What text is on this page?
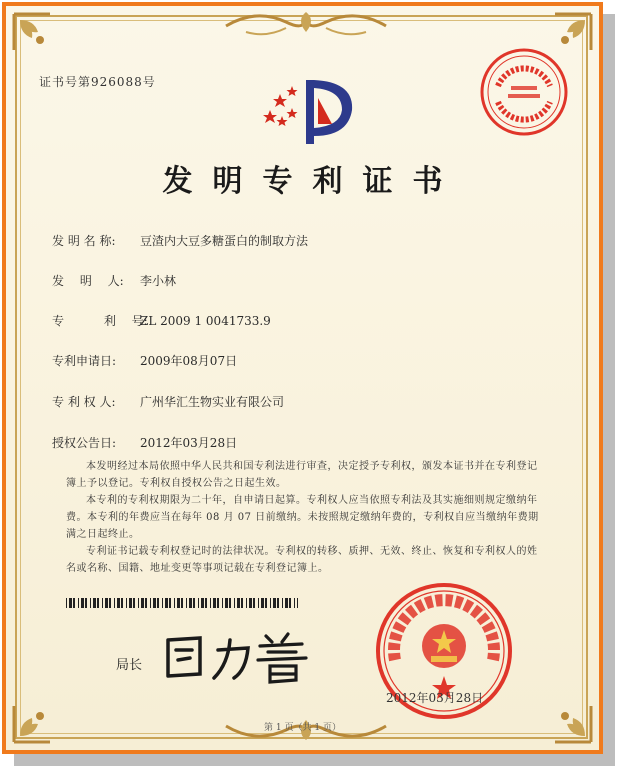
证书号第926088号
发明专利证书
发 明 名 称: 豆渣内大豆多糖蛋白的制取方法
发　 明　 人: 李小林
专　　　 利　 号:ZL 2009 1 0041733.9
专利申请日: 2009年08月07日
专 利 权 人: 广州华汇生物实业有限公司
授权公告日: 2012年03月28日

本发明经过本局依照中华人民共和国专利法进行审查，决定授予专利权，颁发本证书并在专利登记簿上予以登记。专利权自授权公告之日起生效。

本专利的专利权期限为二十年，自申请日起算。专利权人应当依照专利法及其实施细则规定缴纳年费。本专利的年费应当在每年 08 月 07 日前缴纳。未按照规定缴纳年费的，专利权自应当缴纳年费期满之日起终止。

专利证书记载专利权登记时的法律状况。专利权的转移、质押、无效、终止、恢复和专利权人的姓名或名称、国籍、地址变更等事项记载在专利登记簿上。

局长
2012年03月28日
第 1 页（共 1 页）
